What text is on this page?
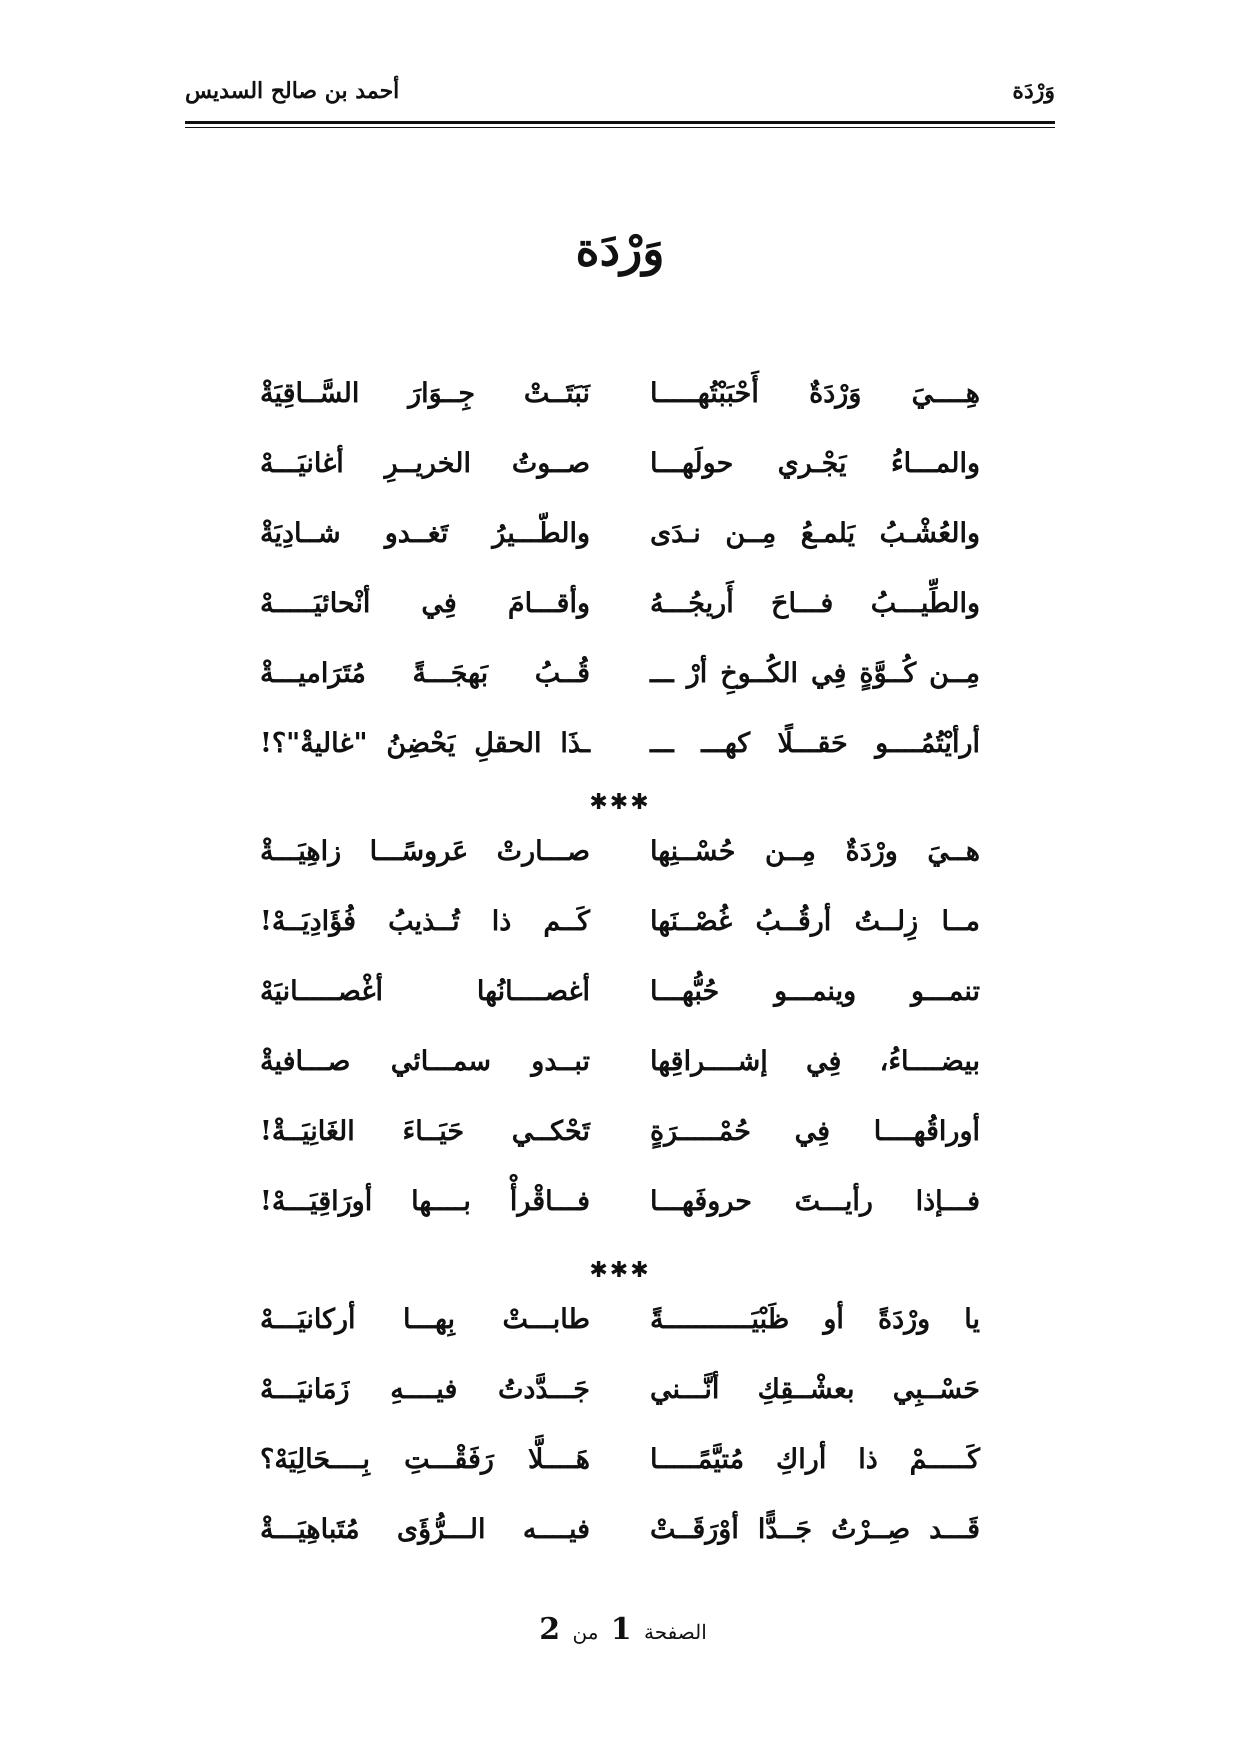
وَرْدَة
أحمد بن صالح السديس
وَرْدَة
هِــــيَ وَرْدَةٌ أَحْبَبْتُهـــــا
نَبَتَــتْ جِــوَارَ السَّــاقِيَةْ
والمـــاءُ يَجْـري حولَهـــا
صــوتُ الخريــرِ أغانيَـــهْ
والعُشْـبُ يَلمـعُ مِــن نـدَى
والطّـــيرُ تَغــدو شــادِيَةْ
والطِّيـــبُ فـــاحَ أَريجُـــهُ
وأقـــامَ فِي أنْحائيَـــــهْ
مِــن كُــوَّةٍ فِي الكُــوخِ أرْ ـــ
قُــبُ بَهجَـــةً مُتَرَاميـــةْ
أرأيْتُمُــــو حَقـــلًا كهـــ ـــ
ـذَا الحقلِ يَحْضِنُ "غاليةْ"؟!
✱✱✱
هــيَ ورْدَةٌ مِــن حُسْــنِها
صـــارتْ عَروسًـــا زاهِيَـــةْ
مــا زِلــتُ أرقُــبُ غُصْــنَها
كَــم ذا تُــذيبُ فُؤَادِيَــهْ!
تنمـــو وينمـــو حُبُّهـــا
أغصــــانُها أغْصـــــانيَهْ
بيضــــاءُ، فِي إشــــراقِها
تبــدو سمـــائي صـــافيةْ
أوراقُهــــا فِي حُمْـــــرَةٍ
تَحْكــي حَيَــاءَ الغَانِيَــةْ!
فـــإذا رأيـــتَ حروفَهـــا
فـــاقْرأْ بــــها أورَاقِيَـــهْ!
✱✱✱
يا ورْدَةً أو ظَبْيَـــــــــــةً
طابـــتْ بِهـــا أركانيَـــهْ
حَسْــبِي بعشْــقِكِ أنَّـــني
جَـــدَّدتُ فيــــهِ زَمَانيَـــهْ
كَـــــمْ ذا أراكِ مُتيَّمًـــــا
هَــــلَّا رَفَقْـــتِ بِــــحَالِيَهْ؟
قَـــد صِــرْتُ جَــدًّا أوْرَقَــتْ
فيــــه الـــرُّؤَى مُتَباهِيَـــةْ
الصفحة 1 من 2
